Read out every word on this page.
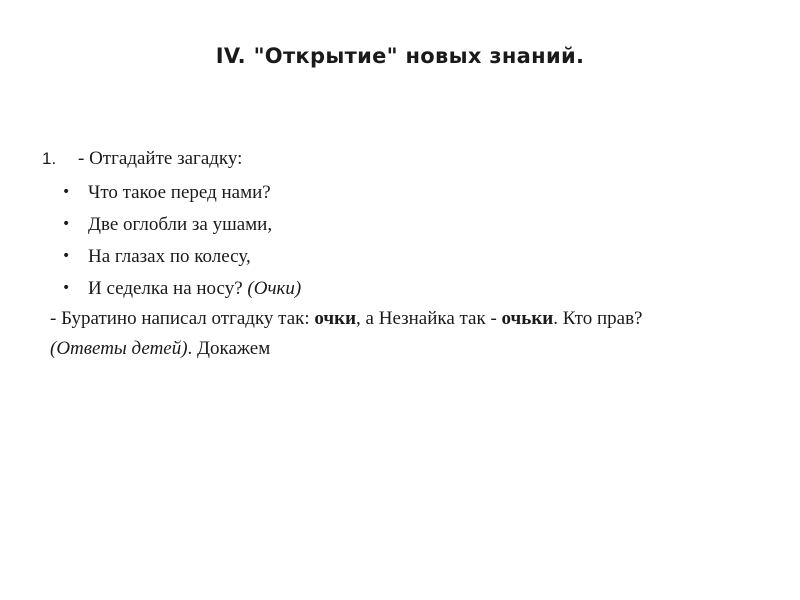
IV. "Открытие" новых знаний.
1.	- Отгадайте загадку:
• Что такое перед нами?
• Две оглобли за ушами,
• На глазах по колесу,
• И седелка на носу? (Очки)
- Буратино написал отгадку так: очки, а Незнайка так - очьки. Кто прав?
(Ответы детей). Докажем
